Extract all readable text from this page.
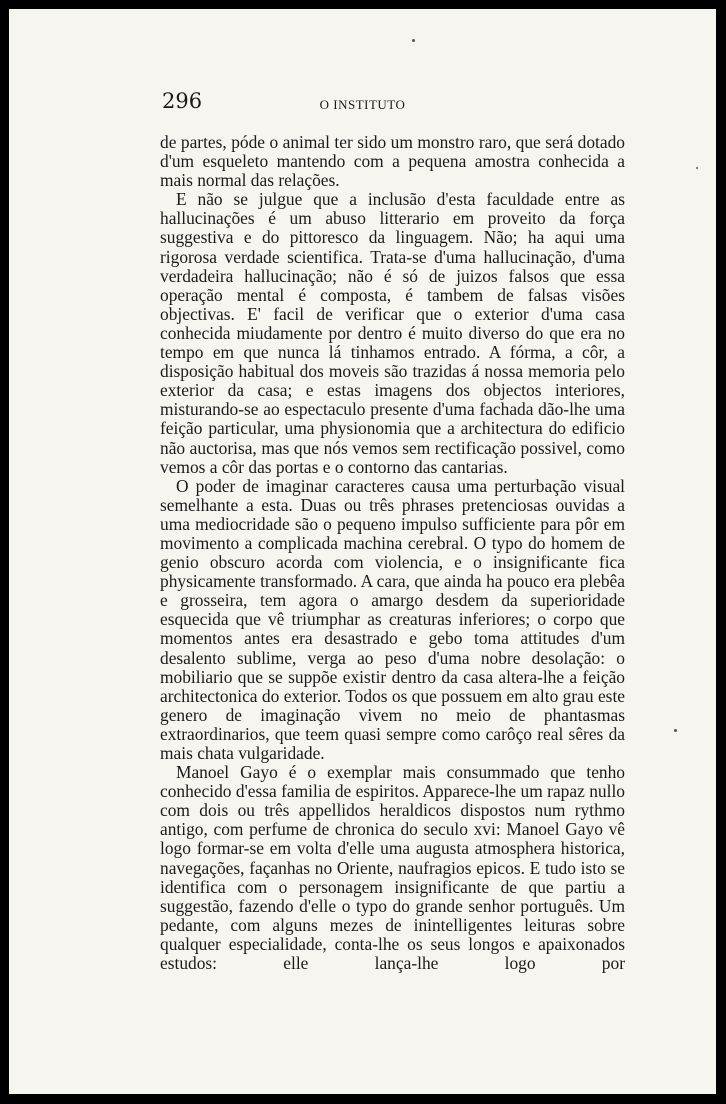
296	O INSTITUTO

de partes, póde o animal ter sido um monstro raro, que será dotado d'um esqueleto mantendo com a pequena amostra conhecida a mais normal das relações.

E não se julgue que a inclusão d'esta faculdade entre as hallucinações é um abuso litterario em proveito da força suggestiva e do pittoresco da linguagem. Não; ha aqui uma rigorosa verdade scientifica. Trata-se d'uma hallucinação, d'uma verdadeira hallucinação; não é só de juizos falsos que essa operação mental é composta, é tambem de falsas visões objectivas. E' facil de verificar que o exterior d'uma casa conhecida miudamente por dentro é muito diverso do que era no tempo em que nunca lá tinhamos entrado. A fórma, a côr, a disposição habitual dos moveis são trazidas á nossa memoria pelo exterior da casa; e estas imagens dos objectos interiores, misturando-se ao espectaculo presente d'uma fachada dão-lhe uma feição particular, uma physionomia que a architectura do edificio não auctorisa, mas que nós vemos sem rectificação possivel, como vemos a côr das portas e o contorno das cantarias.

O poder de imaginar caracteres causa uma perturbação visual semelhante a esta. Duas ou três phrases pretenciosas ouvidas a uma mediocridade são o pequeno impulso sufficiente para pôr em movimento a complicada machina cerebral. O typo do homem de genio obscuro acorda com violencia, e o insignificante fica physicamente transformado. A cara, que ainda ha pouco era plebêa e grosseira, tem agora o amargo desdem da superioridade esquecida que vê triumphar as creaturas inferiores; o corpo que momentos antes era desastrado e gebo toma attitudes d'um desalento sublime, verga ao peso d'uma nobre desolação: o mobiliario que se suppõe existir dentro da casa altera-lhe a feição architectonica do exterior. Todos os que possuem em alto grau este genero de imaginação vivem no meio de phantasmas extraordinarios, que teem quasi sempre como carôço real sêres da mais chata vulgaridade.

Manoel Gayo é o exemplar mais consummado que tenho conhecido d'essa familia de espiritos. Apparece-lhe um rapaz nullo com dois ou três appellidos heraldicos dispostos num rythmo antigo, com perfume de chronica do seculo xvi: Manoel Gayo vê logo formar-se em volta d'elle uma augusta atmosphera historica, navegações, façanhas no Oriente, naufragios epicos. E tudo isto se identifica com o personagem insignificante de que partiu a suggestão, fazendo d'elle o typo do grande senhor português. Um pedante, com alguns mezes de inintelligentes leituras sobre qualquer especialidade, conta-lhe os seus longos e apaixonados estudos: elle lança-lhe logo por
